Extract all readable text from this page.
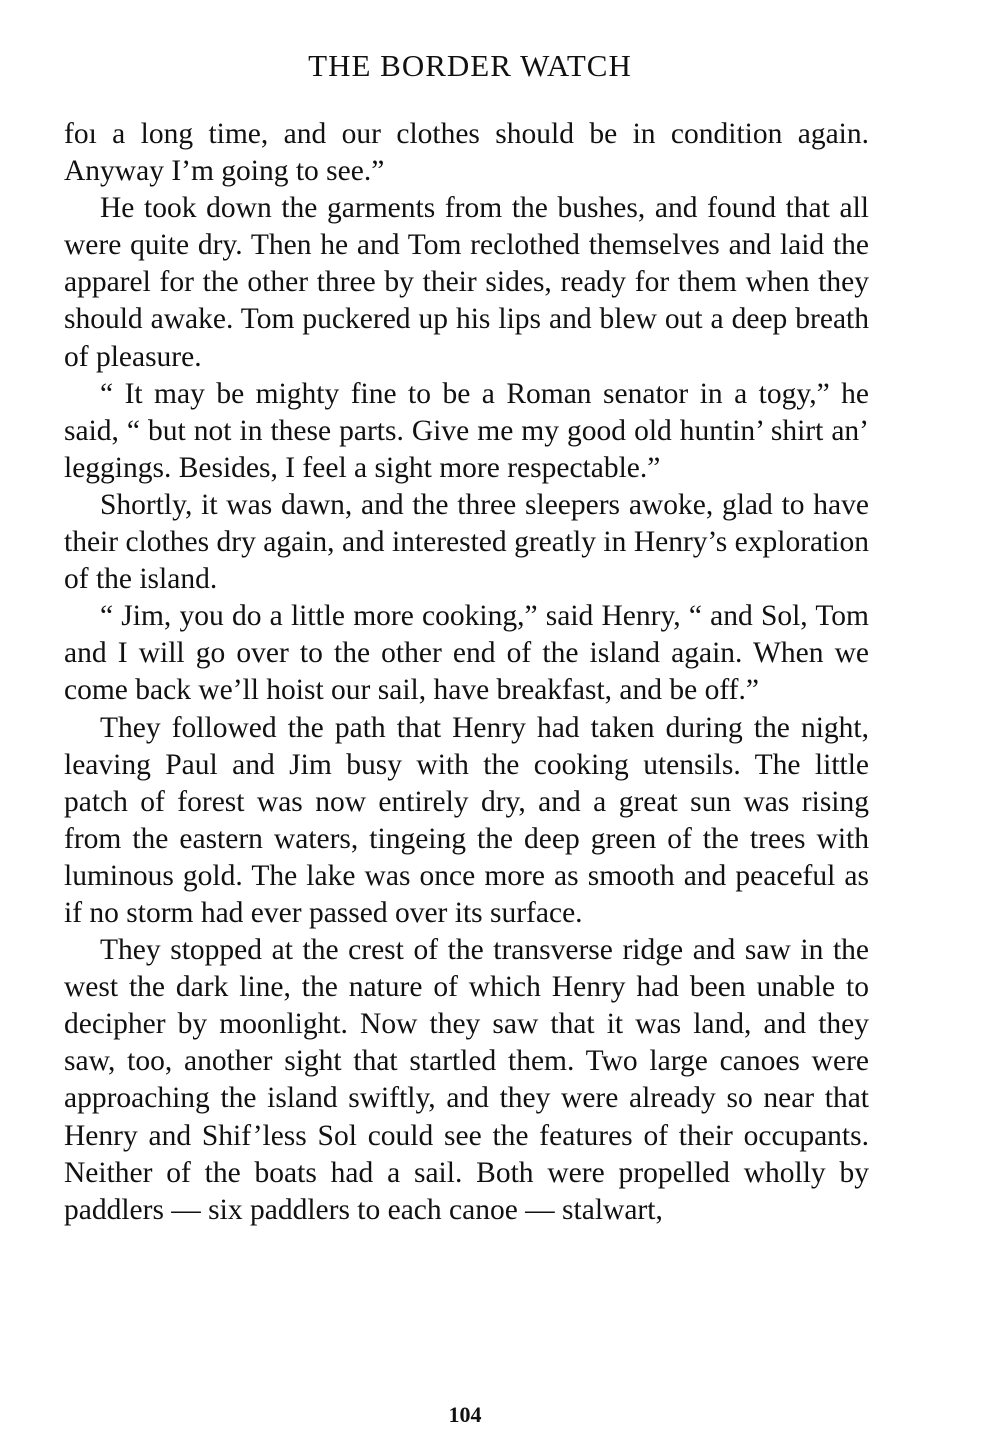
THE BORDER WATCH

foı a long time, and our clothes should be in condition again. Anyway I’m going to see.”

He took down the garments from the bushes, and found that all were quite dry. Then he and Tom reclothed themselves and laid the apparel for the other three by their sides, ready for them when they should awake. Tom puckered up his lips and blew out a deep breath of pleasure.

“ It may be mighty fine to be a Roman senator in a togy,” he said, “ but not in these parts. Give me my good old huntin’ shirt an’ leggings. Besides, I feel a sight more respectable.”

Shortly, it was dawn, and the three sleepers awoke, glad to have their clothes dry again, and interested greatly in Henry’s exploration of the island.

“ Jim, you do a little more cooking,” said Henry, “ and Sol, Tom and I will go over to the other end of the island again. When we come back we’ll hoist our sail, have breakfast, and be off.”

They followed the path that Henry had taken during the night, leaving Paul and Jim busy with the cooking utensils. The little patch of forest was now entirely dry, and a great sun was rising from the eastern waters, tingeing the deep green of the trees with luminous gold. The lake was once more as smooth and peaceful as if no storm had ever passed over its surface.

They stopped at the crest of the transverse ridge and saw in the west the dark line, the nature of which Henry had been unable to decipher by moonlight. Now they saw that it was land, and they saw, too, another sight that startled them. Two large canoes were approaching the island swiftly, and they were already so near that Henry and Shif’less Sol could see the features of their occupants. Neither of the boats had a sail. Both were propelled wholly by paddlers — six paddlers to each canoe — stalwart,

104
